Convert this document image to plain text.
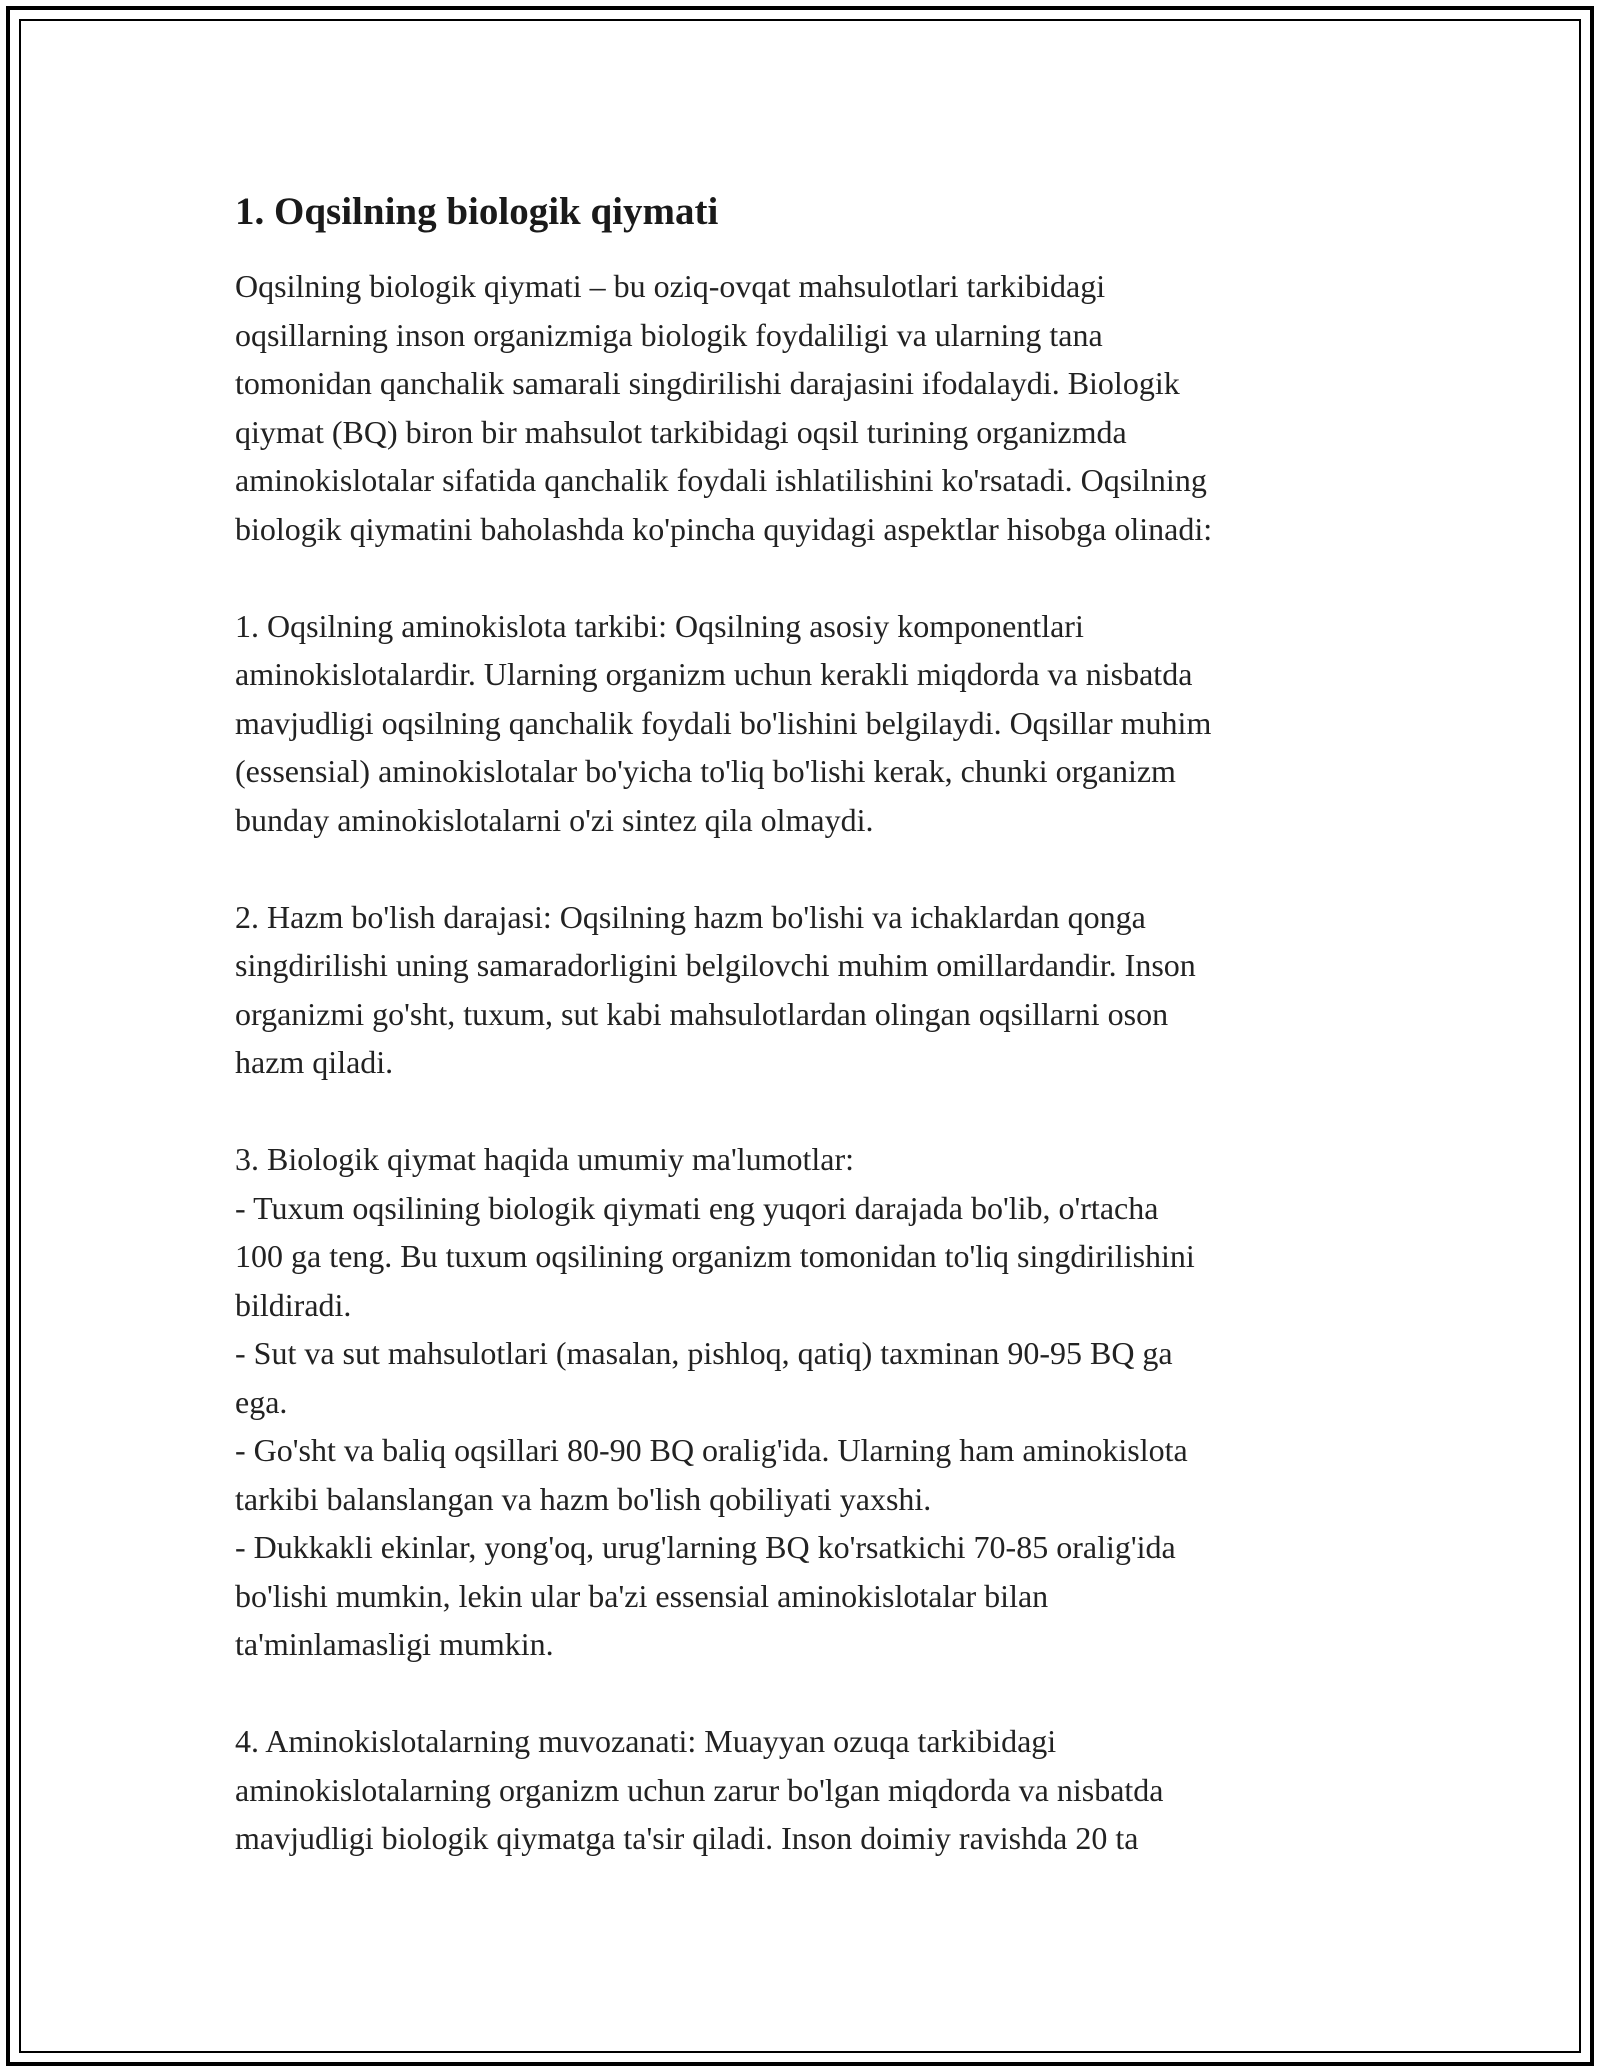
1. Oqsilning biologik qiymati

Oqsilning biologik qiymati – bu oziq-ovqat mahsulotlari tarkibidagi
oqsillarning inson organizmiga biologik foydaliligi va ularning tana
tomonidan qanchalik samarali singdirilishi darajasini ifodalaydi. Biologik
qiymat (BQ) biron bir mahsulot tarkibidagi oqsil turining organizmda
aminokislotalar sifatida qanchalik foydali ishlatilishini ko'rsatadi. Oqsilning
biologik qiymatini baholashda ko'pincha quyidagi aspektlar hisobga olinadi:

1. Oqsilning aminokislota tarkibi: Oqsilning asosiy komponentlari
aminokislotalardir. Ularning organizm uchun kerakli miqdorda va nisbatda
mavjudligi oqsilning qanchalik foydali bo'lishini belgilaydi. Oqsillar muhim
(essensial) aminokislotalar bo'yicha to'liq bo'lishi kerak, chunki organizm
bunday aminokislotalarni o'zi sintez qila olmaydi.

2. Hazm bo'lish darajasi: Oqsilning hazm bo'lishi va ichaklardan qonga
singdirilishi uning samaradorligini belgilovchi muhim omillardandir. Inson
organizmi go'sht, tuxum, sut kabi mahsulotlardan olingan oqsillarni oson
hazm qiladi.

3. Biologik qiymat haqida umumiy ma'lumotlar:
- Tuxum oqsilining biologik qiymati eng yuqori darajada bo'lib, o'rtacha
100 ga teng. Bu tuxum oqsilining organizm tomonidan to'liq singdirilishini
bildiradi.
- Sut va sut mahsulotlari (masalan, pishloq, qatiq) taxminan 90-95 BQ ga
ega.
- Go'sht va baliq oqsillari 80-90 BQ oralig'ida. Ularning ham aminokislota
tarkibi balanslangan va hazm bo'lish qobiliyati yaxshi.
- Dukkakli ekinlar, yong'oq, urug'larning BQ ko'rsatkichi 70-85 oralig'ida
bo'lishi mumkin, lekin ular ba'zi essensial aminokislotalar bilan
ta'minlamasligi mumkin.

4. Aminokislotalarning muvozanati: Muayyan ozuqa tarkibidagi
aminokislotalarning organizm uchun zarur bo'lgan miqdorda va nisbatda
mavjudligi biologik qiymatga ta'sir qiladi. Inson doimiy ravishda 20 ta
